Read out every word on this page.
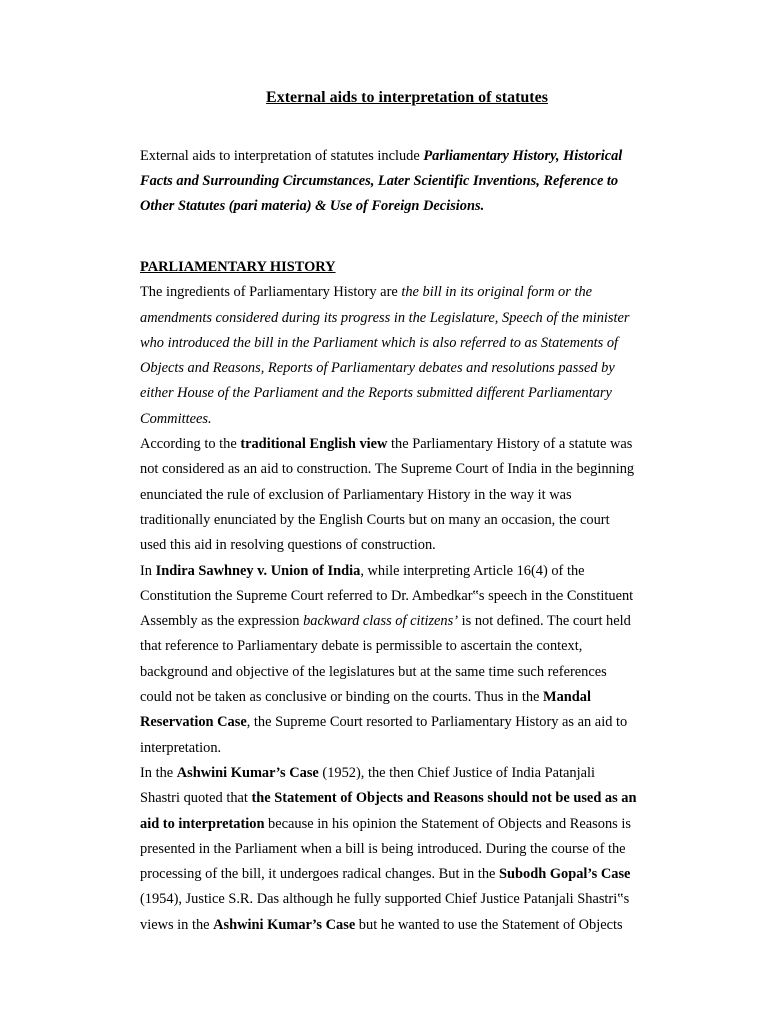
External aids to interpretation of statutes
External aids to interpretation of statutes include Parliamentary History, Historical
Facts and Surrounding Circumstances, Later Scientific Inventions, Reference to
Other Statutes (pari materia) & Use of Foreign Decisions.
PARLIAMENTARY HISTORY
The ingredients of Parliamentary History are the bill in its original form or the
amendments considered during its progress in the Legislature, Speech of the minister
who introduced the bill in the Parliament which is also referred to as Statements of
Objects and Reasons, Reports of Parliamentary debates and resolutions passed by
either House of the Parliament and the Reports submitted different Parliamentary
Committees.
According to the traditional English view the Parliamentary History of a statute was
not considered as an aid to construction. The Supreme Court of India in the beginning
enunciated the rule of exclusion of Parliamentary History in the way it was
traditionally enunciated by the English Courts but on many an occasion, the court
used this aid in resolving questions of construction.
In Indira Sawhney v. Union of India, while interpreting Article 16(4) of the
Constitution the Supreme Court referred to Dr. Ambedkar‟s speech in the Constituent
Assembly as the expression backward class of citizens’ is not defined. The court held
that reference to Parliamentary debate is permissible to ascertain the context,
background and objective of the legislatures but at the same time such references
could not be taken as conclusive or binding on the courts. Thus in the Mandal
Reservation Case, the Supreme Court resorted to Parliamentary History as an aid to
interpretation.
In the Ashwini Kumar’s Case (1952), the then Chief Justice of India Patanjali
Shastri quoted that the Statement of Objects and Reasons should not be used as an
aid to interpretation because in his opinion the Statement of Objects and Reasons is
presented in the Parliament when a bill is being introduced. During the course of the
processing of the bill, it undergoes radical changes. But in the Subodh Gopal’s Case
(1954), Justice S.R. Das although he fully supported Chief Justice Patanjali Shastri‟s
views in the Ashwini Kumar’s Case but he wanted to use the Statement of Objects
